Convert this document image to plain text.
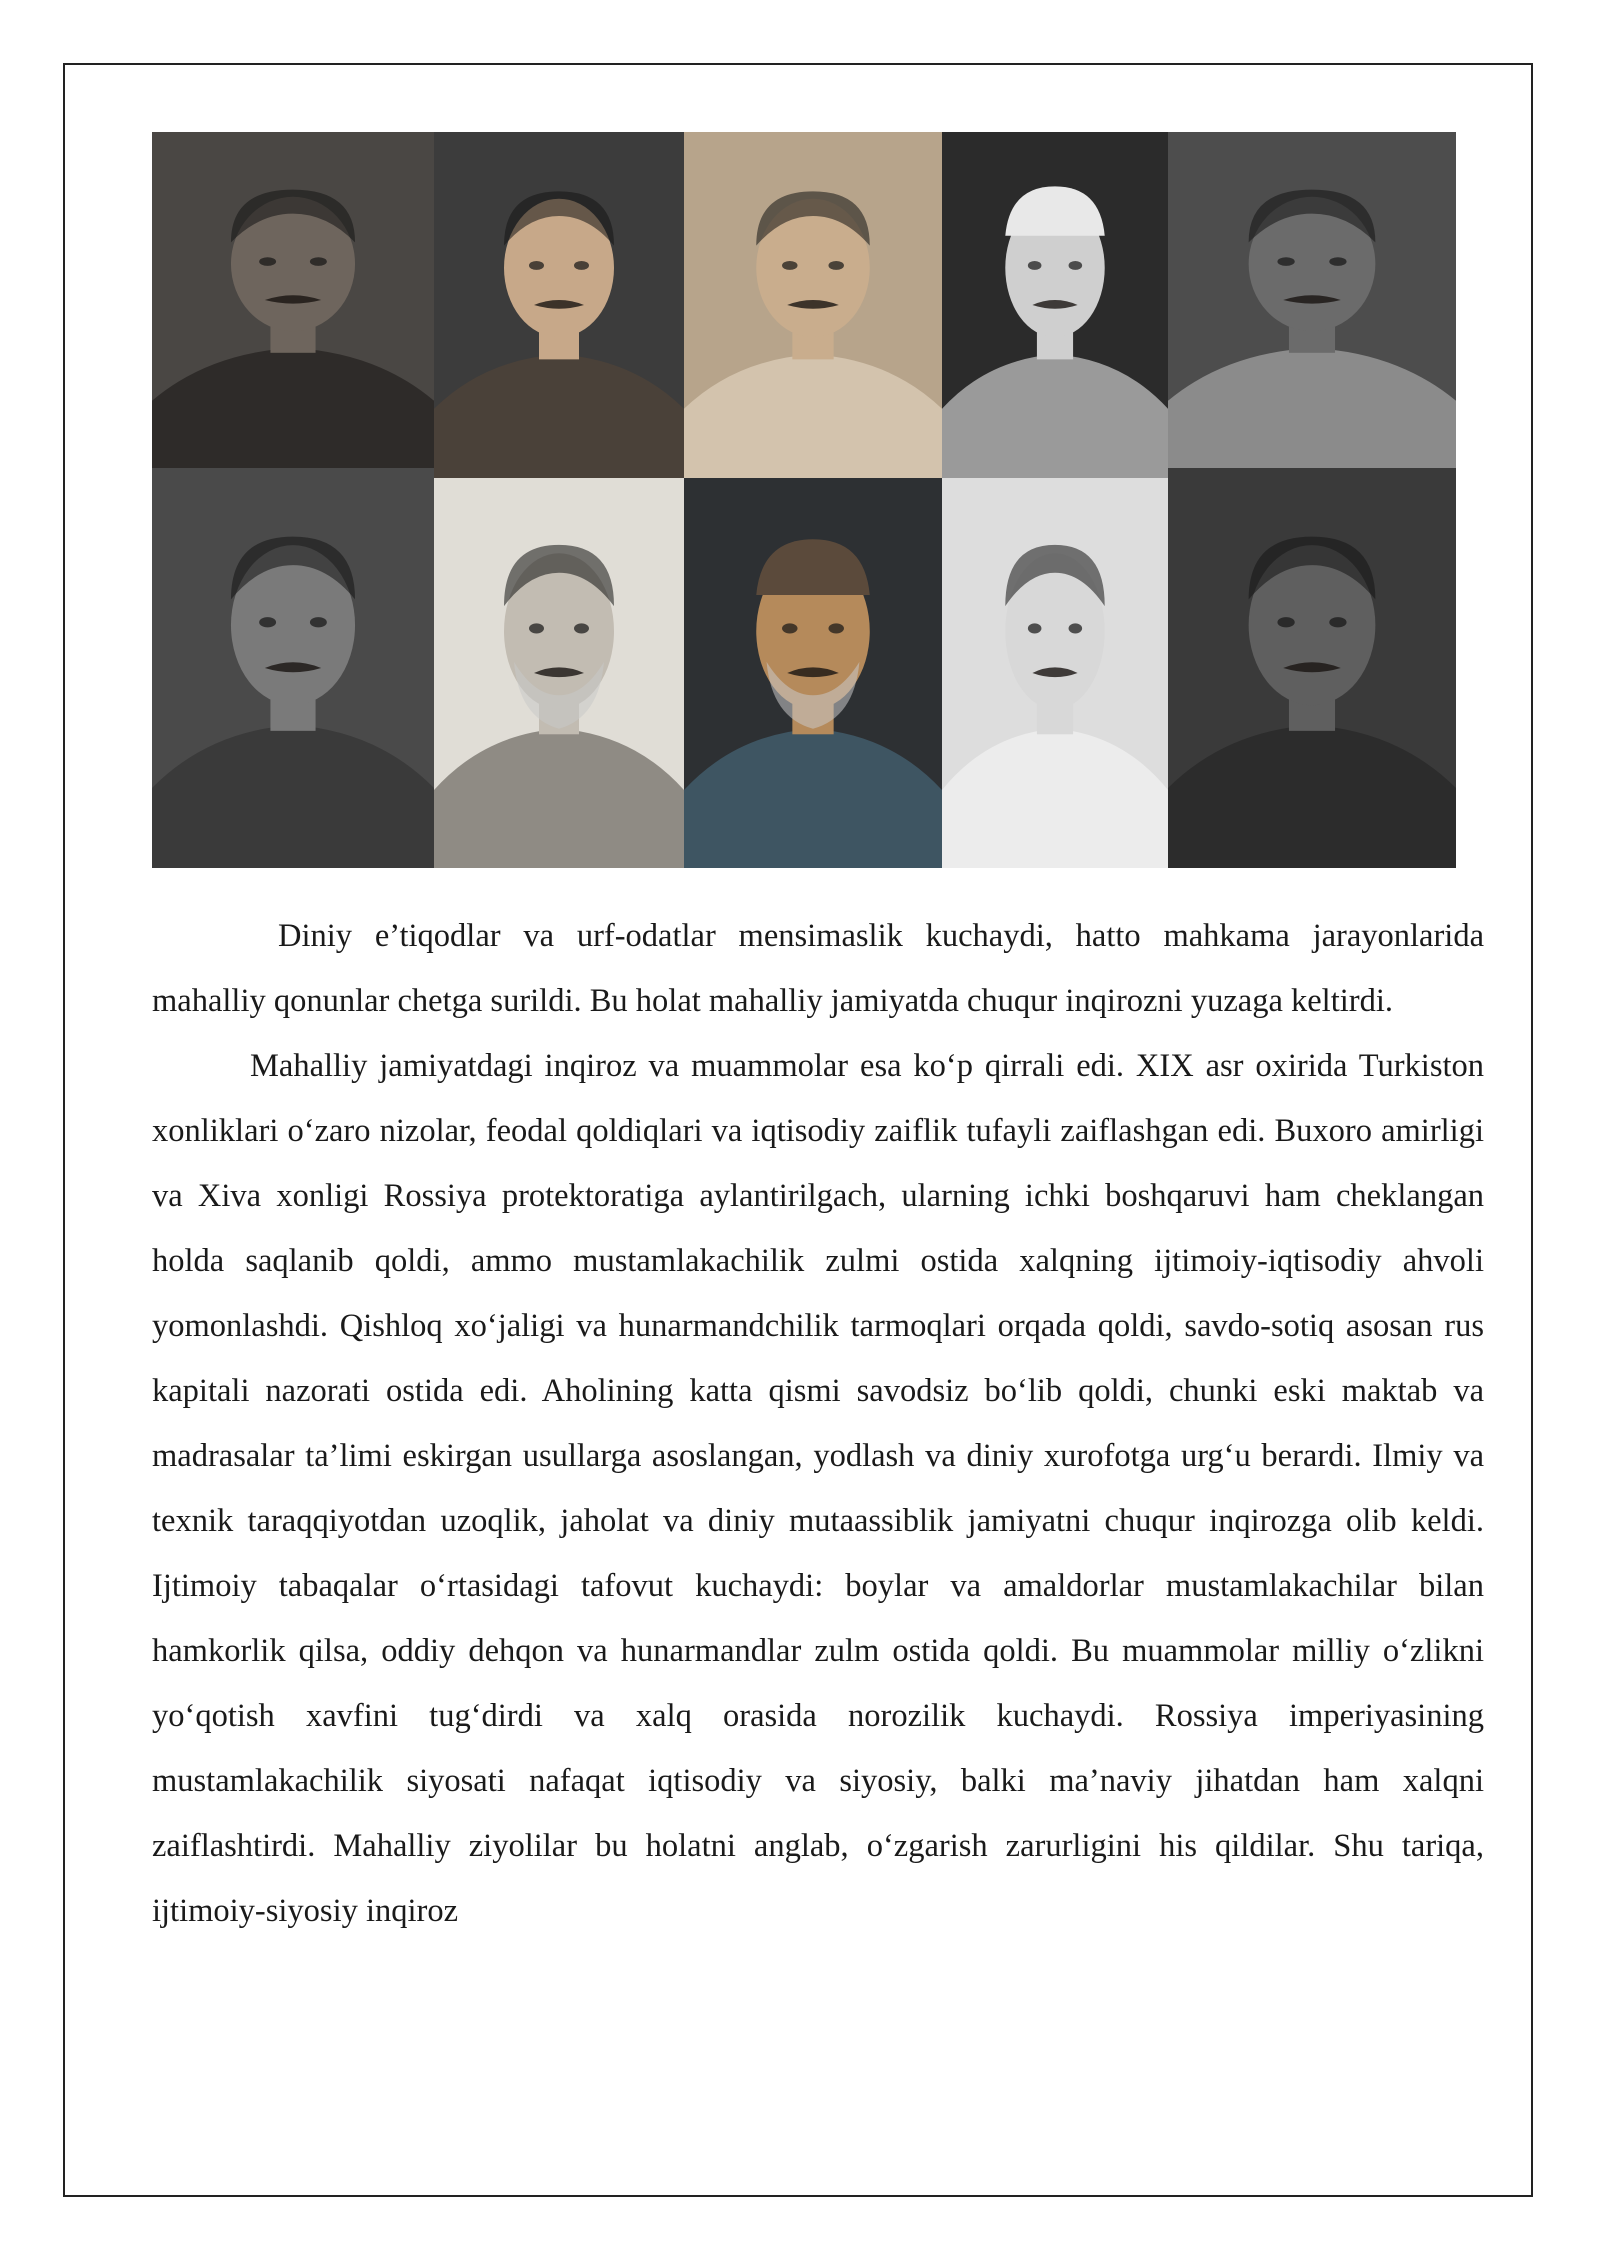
Diniy e’tiqodlar va urf-odatlar mensimaslik kuchaydi, hatto mahkama jarayonlarida mahalliy qonunlar chetga surildi. Bu holat mahalliy jamiyatda chuqur inqirozni yuzaga keltirdi.

Mahalliy jamiyatdagi inqiroz va muammolar esa ko‘p qirrali edi. XIX asr oxirida Turkiston xonliklari o‘zaro nizolar, feodal qoldiqlari va iqtisodiy zaiflik tufayli zaiflashgan edi. Buxoro amirligi va Xiva xonligi Rossiya protektoratiga aylantirilgach, ularning ichki boshqaruvi ham cheklangan holda saqlanib qoldi, ammo mustamlakachilik zulmi ostida xalqning ijtimoiy-iqtisodiy ahvoli yomonlashdi. Qishloq xo‘jaligi va hunarmandchilik tarmoqlari orqada qoldi, savdo-sotiq asosan rus kapitali nazorati ostida edi. Aholining katta qismi savodsiz bo‘lib qoldi, chunki eski maktab va madrasalar ta’limi eskirgan usullarga asoslangan, yodlash va diniy xurofotga urg‘u berardi. Ilmiy va texnik taraqqiyotdan uzoqlik, jaholat va diniy mutaassiblik jamiyatni chuqur inqirozga olib keldi. Ijtimoiy tabaqalar o‘rtasidagi tafovut kuchaydi: boylar va amaldorlar mustamlakachilar bilan hamkorlik qilsa, oddiy dehqon va hunarmandlar zulm ostida qoldi. Bu muammolar milliy o‘zlikni yo‘qotish xavfini tug‘dirdi va xalq orasida norozilik kuchaydi. Rossiya imperiyasining mustamlakachilik siyosati nafaqat iqtisodiy va siyosiy, balki ma’naviy jihatdan ham xalqni zaiflashtirdi. Mahalliy ziyolilar bu holatni anglab, o‘zgarish zarurligini his qildilar. Shu tariqa, ijtimoiy-siyosiy inqiroz
